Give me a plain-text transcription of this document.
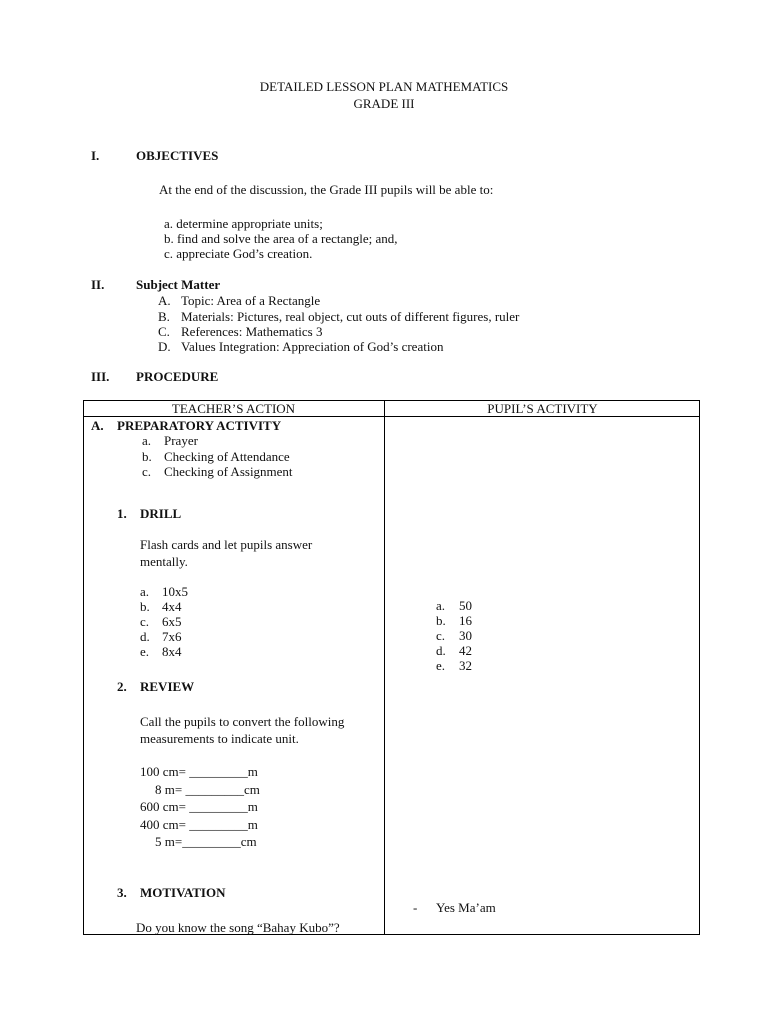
DETAILED LESSON PLAN MATHEMATICS
GRADE III
I.	OBJECTIVES
At the end of the discussion, the Grade III pupils will be able to:
a. determine appropriate units;
b. find and solve the area of a rectangle; and,
c. appreciate God’s creation.
II. Subject Matter
A. Topic: Area of a Rectangle
B. Materials: Pictures, real object, cut outs of different figures, ruler
C. References: Mathematics 3
D. Values Integration: Appreciation of God’s creation
III. PROCEDURE
TEACHER’S ACTION	PUPIL’S ACTIVITY
A. PREPARATORY ACTIVITY
a. Prayer
b. Checking of Attendance
c. Checking of Assignment
1. DRILL
Flash cards and let pupils answer
mentally.
a. 10x5
b. 4x4
c. 6x5
d. 7x6
e. 8x4
a. 50
b. 16
c. 30
d. 42
e. 32
2. REVIEW
Call the pupils to convert the following
measurements to indicate unit.
100 cm= _________m
8 m= _________cm
600 cm= _________m
400 cm= _________m
5 m=_________cm
3. MOTIVATION
Do you know the song “Bahay Kubo”?
- Yes Ma’am
